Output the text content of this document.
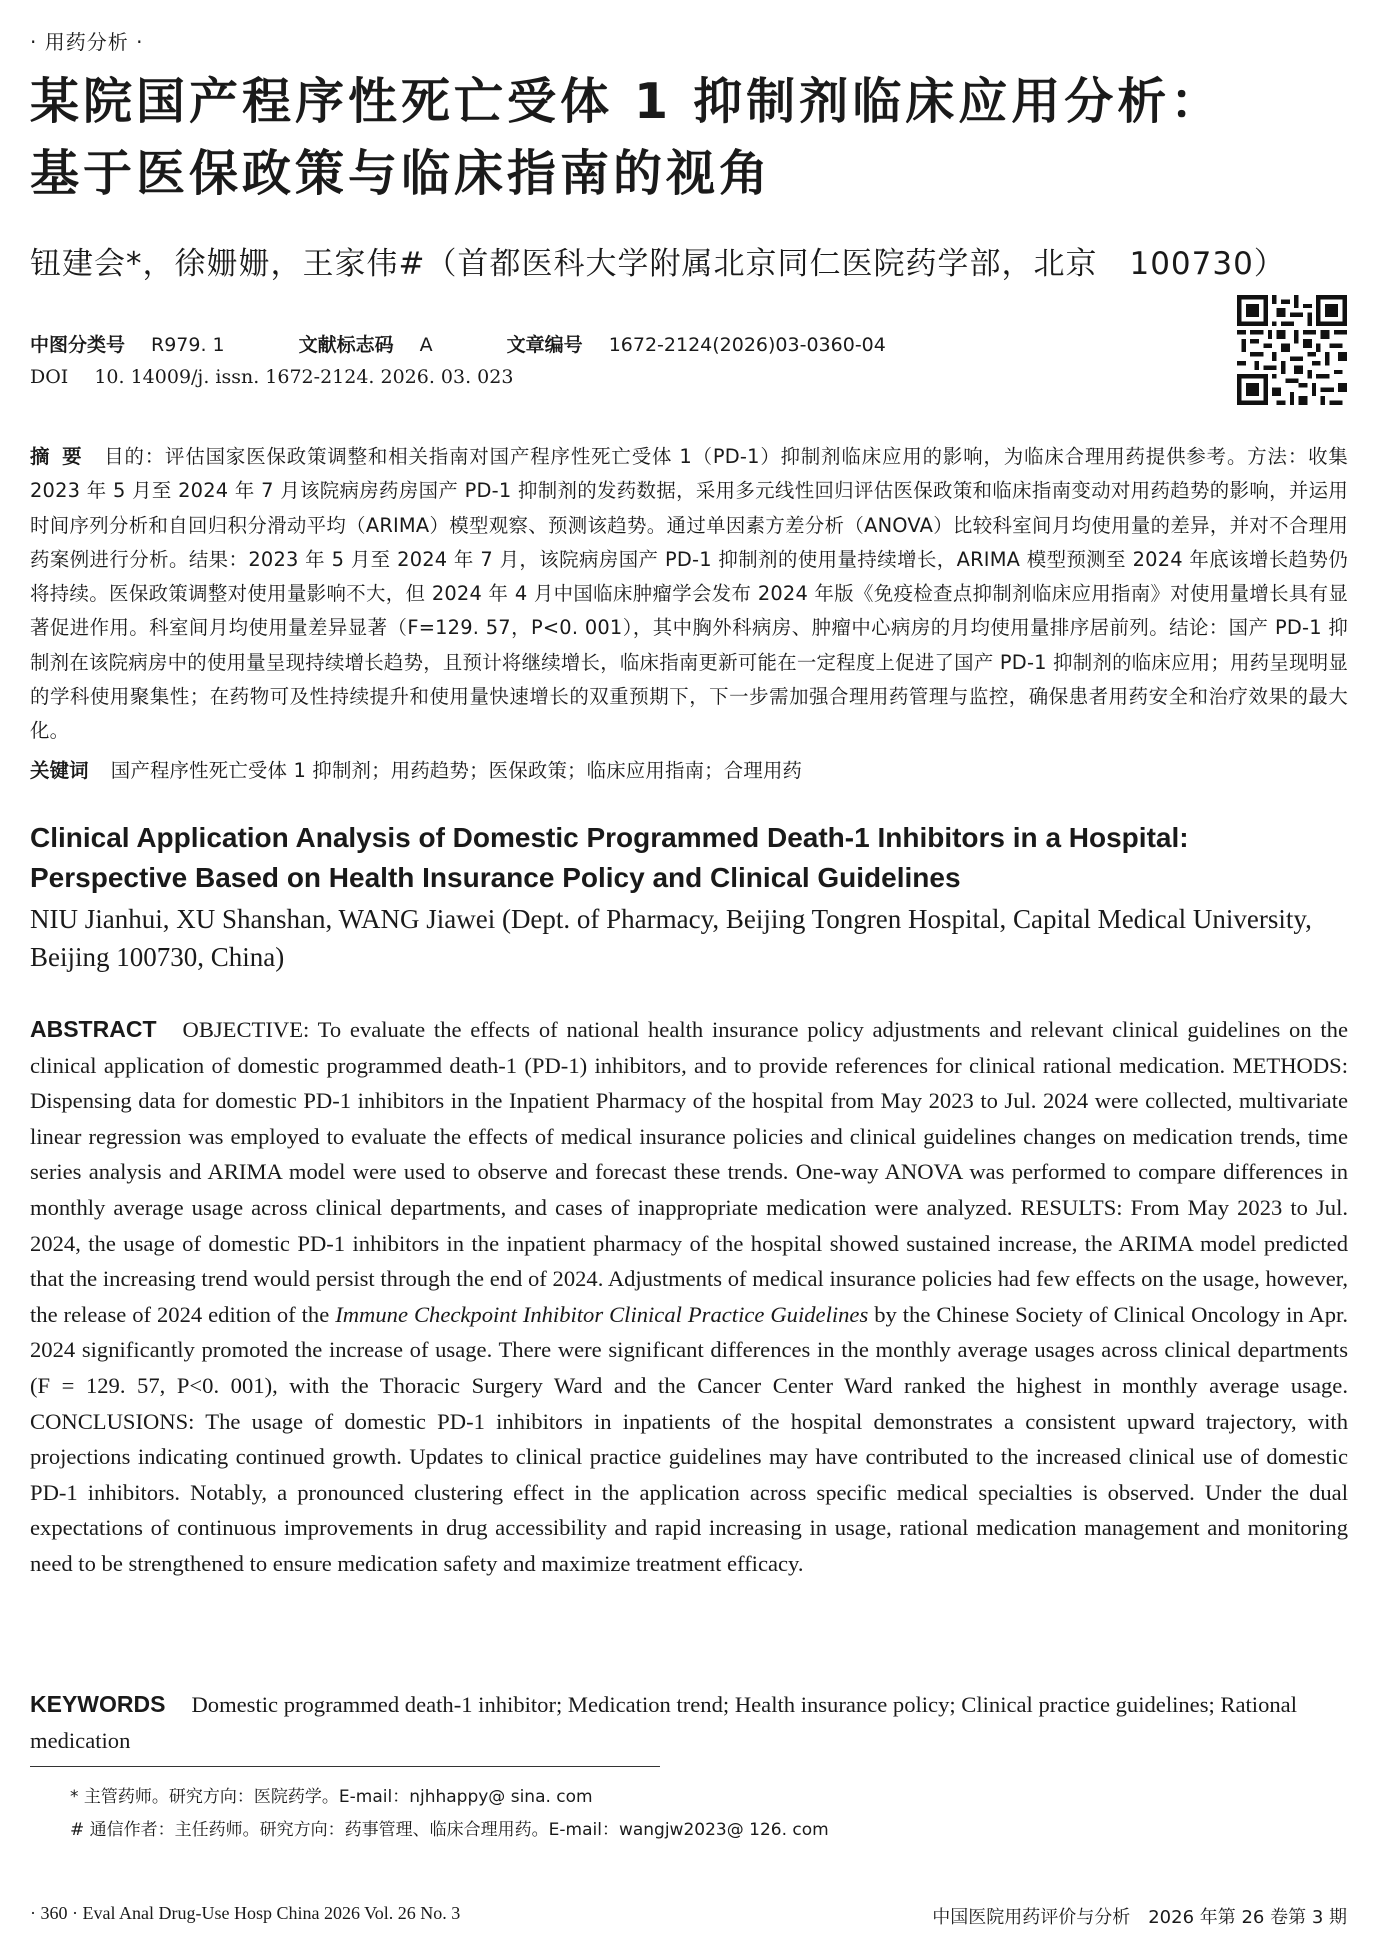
· 用药分析 ·
某院国产程序性死亡受体 1 抑制剂临床应用分析：
基于医保政策与临床指南的视角
钮建会*，徐姗姗，王家伟#（首都医科大学附属北京同仁医院药学部，北京　100730）
中图分类号 R979. 1	文献标志码 A	文章编号 1672-2124(2026)03-0360-04
DOI 10. 14009/j. issn. 1672-2124. 2026. 03. 023
摘要 目的：评估国家医保政策调整和相关指南对国产程序性死亡受体 1（PD-1）抑制剂临床应用的影响，为临床合理用药提供参考。方法：收集 2023 年 5 月至 2024 年 7 月该院病房药房国产 PD-1 抑制剂的发药数据，采用多元线性回归评估医保政策和临床指南变动对用药趋势的影响，并运用时间序列分析和自回归积分滑动平均（ARIMA）模型观察、预测该趋势。通过单因素方差分析（ANOVA）比较科室间月均使用量的差异，并对不合理用药案例进行分析。结果：2023 年 5 月至 2024 年 7 月，该院病房国产 PD-1 抑制剂的使用量持续增长，ARIMA 模型预测至 2024 年底该增长趋势仍将持续。医保政策调整对使用量影响不大，但 2024 年 4 月中国临床肿瘤学会发布 2024 年版《免疫检查点抑制剂临床应用指南》对使用量增长具有显著促进作用。科室间月均使用量差异显著（F=129. 57，P<0. 001），其中胸外科病房、肿瘤中心病房的月均使用量排序居前列。结论：国产 PD-1 抑制剂在该院病房中的使用量呈现持续增长趋势，且预计将继续增长，临床指南更新可能在一定程度上促进了国产 PD-1 抑制剂的临床应用；用药呈现明显的学科使用聚集性；在药物可及性持续提升和使用量快速增长的双重预期下，下一步需加强合理用药管理与监控，确保患者用药安全和治疗效果的最大化。
关键词 国产程序性死亡受体 1 抑制剂；用药趋势；医保政策；临床应用指南；合理用药
Clinical Application Analysis of Domestic Programmed Death-1 Inhibitors in a Hospital: Perspective Based on Health Insurance Policy and Clinical Guidelines
NIU Jianhui, XU Shanshan, WANG Jiawei (Dept. of Pharmacy, Beijing Tongren Hospital, Capital Medical University, Beijing 100730, China)
ABSTRACT OBJECTIVE: To evaluate the effects of national health insurance policy adjustments and relevant clinical guidelines on the clinical application of domestic programmed death-1 (PD-1) inhibitors, and to provide references for clinical rational medication. METHODS: Dispensing data for domestic PD-1 inhibitors in the Inpatient Pharmacy of the hospital from May 2023 to Jul. 2024 were collected, multivariate linear regression was employed to evaluate the effects of medical insurance policies and clinical guidelines changes on medication trends, time series analysis and ARIMA model were used to observe and forecast these trends. One-way ANOVA was performed to compare differences in monthly average usage across clinical departments, and cases of inappropriate medication were analyzed. RESULTS: From May 2023 to Jul. 2024, the usage of domestic PD-1 inhibitors in the inpatient pharmacy of the hospital showed sustained increase, the ARIMA model predicted that the increasing trend would persist through the end of 2024. Adjustments of medical insurance policies had few effects on the usage, however, the release of 2024 edition of the Immune Checkpoint Inhibitor Clinical Practice Guidelines by the Chinese Society of Clinical Oncology in Apr. 2024 significantly promoted the increase of usage. There were significant differences in the monthly average usages across clinical departments (F = 129. 57, P<0. 001), with the Thoracic Surgery Ward and the Cancer Center Ward ranked the highest in monthly average usage. CONCLUSIONS: The usage of domestic PD-1 inhibitors in inpatients of the hospital demonstrates a consistent upward trajectory, with projections indicating continued growth. Updates to clinical practice guidelines may have contributed to the increased clinical use of domestic PD-1 inhibitors. Notably, a pronounced clustering effect in the application across specific medical specialties is observed. Under the dual expectations of continuous improvements in drug accessibility and rapid increasing in usage, rational medication management and monitoring need to be strengthened to ensure medication safety and maximize treatment efficacy.
KEYWORDS Domestic programmed death-1 inhibitor; Medication trend; Health insurance policy; Clinical practice guidelines; Rational medication
* 主管药师。研究方向：医院药学。E-mail：njhhappy@ sina. com
# 通信作者：主任药师。研究方向：药事管理、临床合理用药。E-mail：wangjw2023@ 126. com
· 360 · Eval Anal Drug-Use Hosp China 2026 Vol. 26 No. 3	中国医院用药评价与分析　2026 年第 26 卷第 3 期
